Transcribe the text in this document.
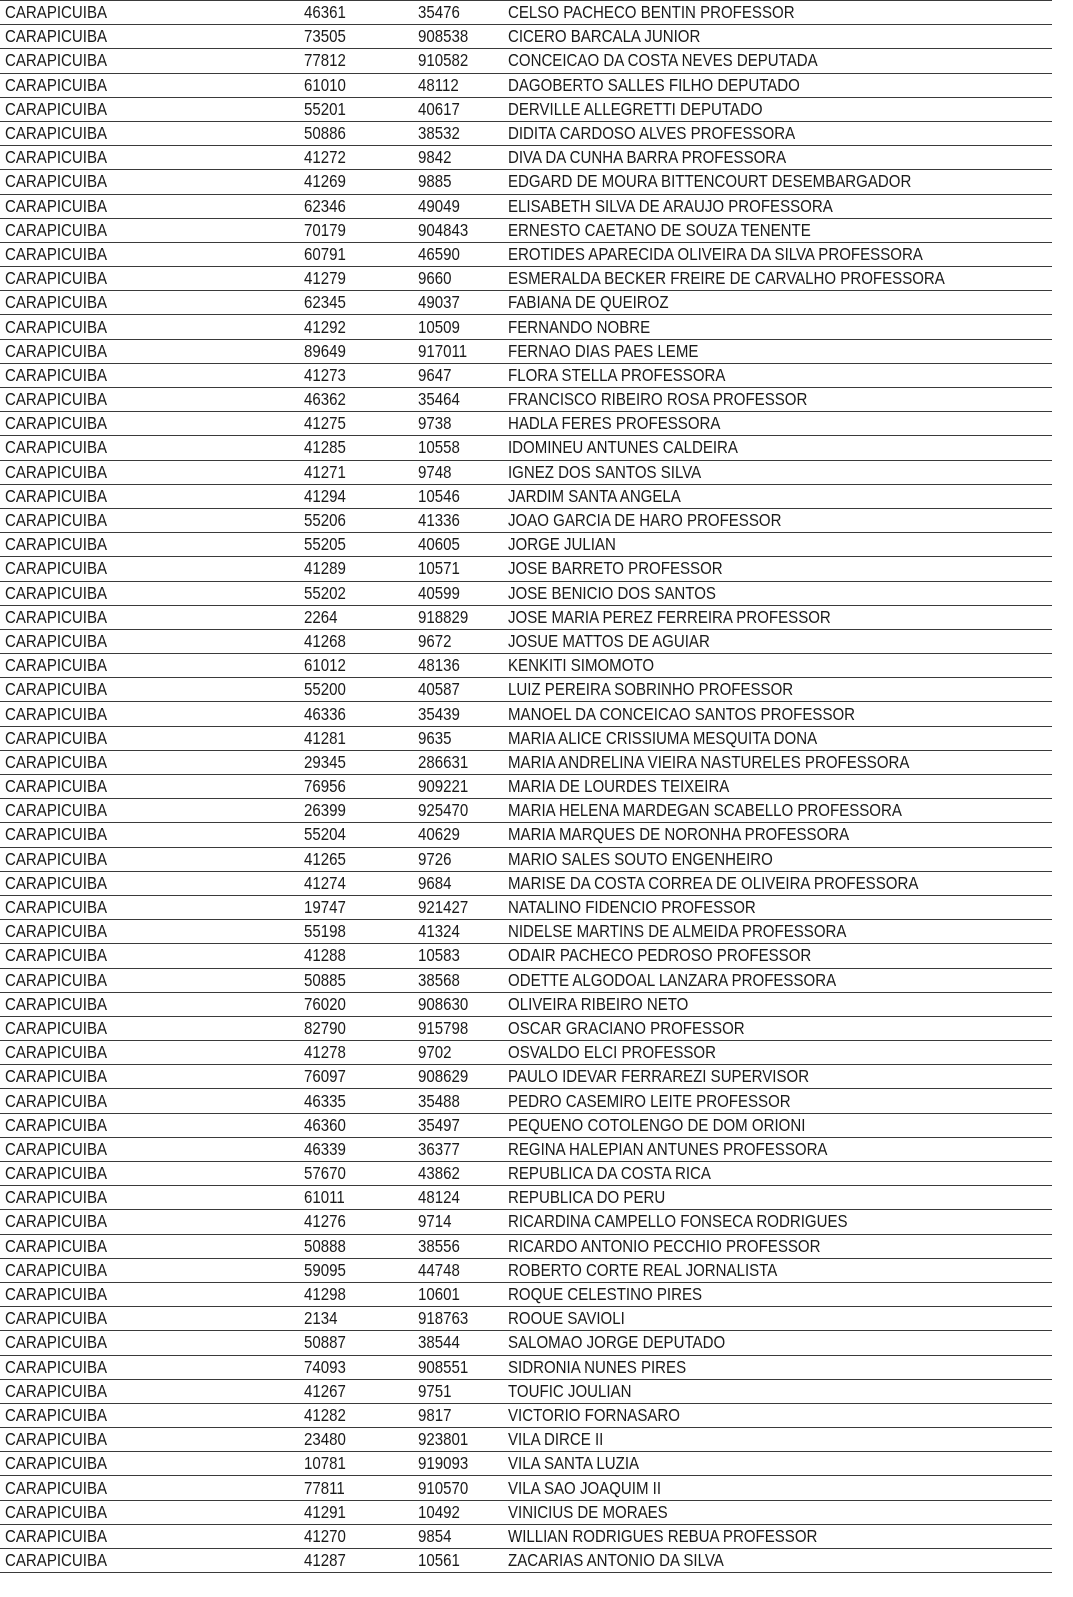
CARAPICUIBA	46361	35476	CELSO PACHECO BENTIN PROFESSOR
CARAPICUIBA	73505	908538	CICERO BARCALA JUNIOR
CARAPICUIBA	77812	910582	CONCEICAO DA COSTA NEVES DEPUTADA
CARAPICUIBA	61010	48112	DAGOBERTO SALLES FILHO DEPUTADO
CARAPICUIBA	55201	40617	DERVILLE ALLEGRETTI DEPUTADO
CARAPICUIBA	50886	38532	DIDITA CARDOSO ALVES PROFESSORA
CARAPICUIBA	41272	9842	DIVA DA CUNHA BARRA PROFESSORA
CARAPICUIBA	41269	9885	EDGARD DE MOURA BITTENCOURT DESEMBARGADOR
CARAPICUIBA	62346	49049	ELISABETH SILVA DE ARAUJO PROFESSORA
CARAPICUIBA	70179	904843	ERNESTO CAETANO DE SOUZA TENENTE
CARAPICUIBA	60791	46590	EROTIDES APARECIDA OLIVEIRA DA SILVA PROFESSORA
CARAPICUIBA	41279	9660	ESMERALDA BECKER FREIRE DE CARVALHO PROFESSORA
CARAPICUIBA	62345	49037	FABIANA DE QUEIROZ
CARAPICUIBA	41292	10509	FERNANDO NOBRE
CARAPICUIBA	89649	917011	FERNAO DIAS PAES LEME
CARAPICUIBA	41273	9647	FLORA STELLA PROFESSORA
CARAPICUIBA	46362	35464	FRANCISCO RIBEIRO ROSA PROFESSOR
CARAPICUIBA	41275	9738	HADLA FERES PROFESSORA
CARAPICUIBA	41285	10558	IDOMINEU ANTUNES CALDEIRA
CARAPICUIBA	41271	9748	IGNEZ DOS SANTOS SILVA
CARAPICUIBA	41294	10546	JARDIM SANTA ANGELA
CARAPICUIBA	55206	41336	JOAO GARCIA DE HARO PROFESSOR
CARAPICUIBA	55205	40605	JORGE JULIAN
CARAPICUIBA	41289	10571	JOSE BARRETO PROFESSOR
CARAPICUIBA	55202	40599	JOSE BENICIO DOS SANTOS
CARAPICUIBA	2264	918829	JOSE MARIA PEREZ FERREIRA PROFESSOR
CARAPICUIBA	41268	9672	JOSUE MATTOS DE AGUIAR
CARAPICUIBA	61012	48136	KENKITI SIMOMOTO
CARAPICUIBA	55200	40587	LUIZ PEREIRA SOBRINHO PROFESSOR
CARAPICUIBA	46336	35439	MANOEL DA CONCEICAO SANTOS PROFESSOR
CARAPICUIBA	41281	9635	MARIA ALICE CRISSIUMA MESQUITA DONA
CARAPICUIBA	29345	286631	MARIA ANDRELINA VIEIRA NASTURELES PROFESSORA
CARAPICUIBA	76956	909221	MARIA DE LOURDES TEIXEIRA
CARAPICUIBA	26399	925470	MARIA HELENA MARDEGAN SCABELLO PROFESSORA
CARAPICUIBA	55204	40629	MARIA MARQUES DE NORONHA PROFESSORA
CARAPICUIBA	41265	9726	MARIO SALES SOUTO ENGENHEIRO
CARAPICUIBA	41274	9684	MARISE DA COSTA CORREA DE OLIVEIRA PROFESSORA
CARAPICUIBA	19747	921427	NATALINO FIDENCIO PROFESSOR
CARAPICUIBA	55198	41324	NIDELSE MARTINS DE ALMEIDA PROFESSORA
CARAPICUIBA	41288	10583	ODAIR PACHECO PEDROSO PROFESSOR
CARAPICUIBA	50885	38568	ODETTE ALGODOAL LANZARA PROFESSORA
CARAPICUIBA	76020	908630	OLIVEIRA RIBEIRO NETO
CARAPICUIBA	82790	915798	OSCAR GRACIANO PROFESSOR
CARAPICUIBA	41278	9702	OSVALDO ELCI PROFESSOR
CARAPICUIBA	76097	908629	PAULO IDEVAR FERRAREZI SUPERVISOR
CARAPICUIBA	46335	35488	PEDRO CASEMIRO LEITE PROFESSOR
CARAPICUIBA	46360	35497	PEQUENO COTOLENGO DE DOM ORIONI
CARAPICUIBA	46339	36377	REGINA HALEPIAN ANTUNES PROFESSORA
CARAPICUIBA	57670	43862	REPUBLICA DA COSTA RICA
CARAPICUIBA	61011	48124	REPUBLICA DO PERU
CARAPICUIBA	41276	9714	RICARDINA CAMPELLO FONSECA RODRIGUES
CARAPICUIBA	50888	38556	RICARDO ANTONIO PECCHIO PROFESSOR
CARAPICUIBA	59095	44748	ROBERTO CORTE REAL JORNALISTA
CARAPICUIBA	41298	10601	ROQUE CELESTINO PIRES
CARAPICUIBA	2134	918763	ROOUE SAVIOLI
CARAPICUIBA	50887	38544	SALOMAO JORGE DEPUTADO
CARAPICUIBA	74093	908551	SIDRONIA NUNES PIRES
CARAPICUIBA	41267	9751	TOUFIC JOULIAN
CARAPICUIBA	41282	9817	VICTORIO FORNASARO
CARAPICUIBA	23480	923801	VILA DIRCE II
CARAPICUIBA	10781	919093	VILA SANTA LUZIA
CARAPICUIBA	77811	910570	VILA SAO JOAQUIM II
CARAPICUIBA	41291	10492	VINICIUS DE MORAES
CARAPICUIBA	41270	9854	WILLIAN RODRIGUES REBUA PROFESSOR
CARAPICUIBA	41287	10561	ZACARIAS ANTONIO DA SILVA
